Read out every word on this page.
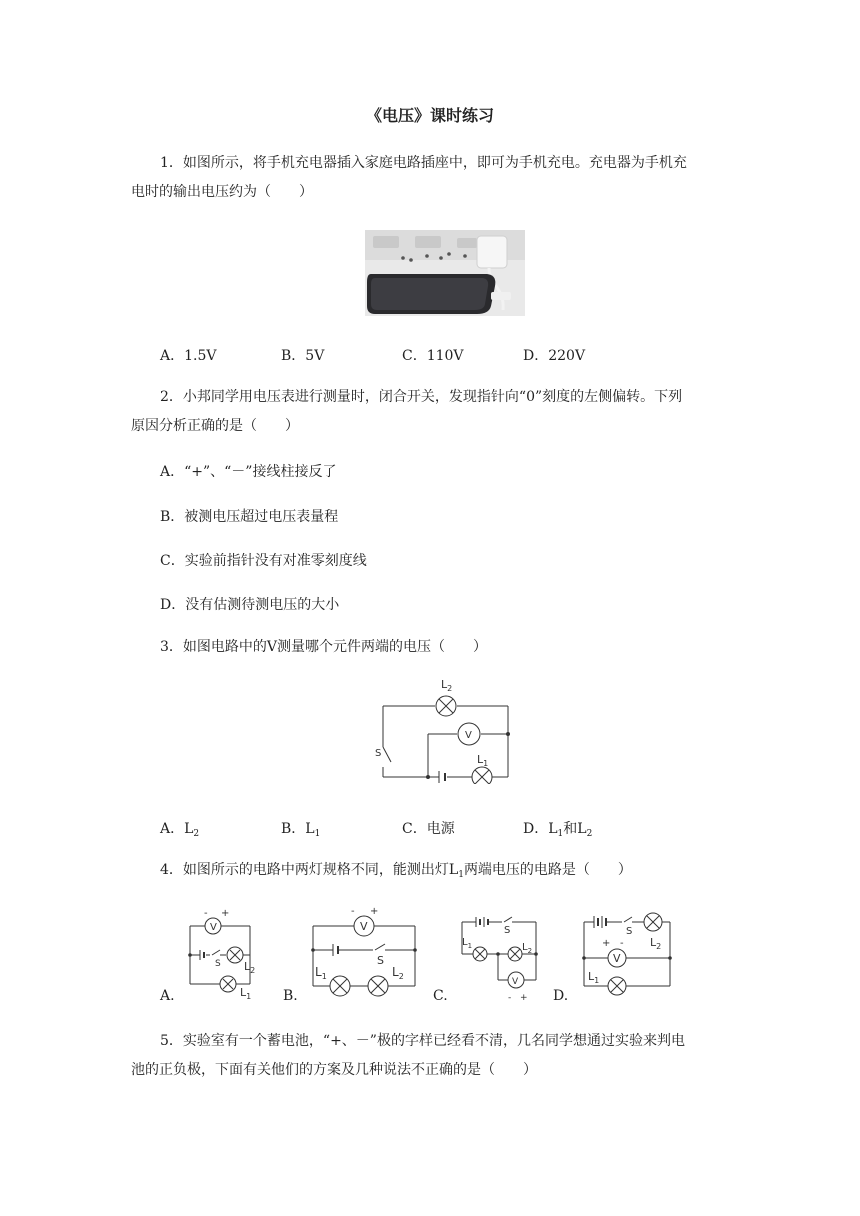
《电压》课时练习
1．如图所示，将手机充电器插入家庭电路插座中，即可为手机充电。充电器为手机充
电时的输出电压约为（　　）
A．1.5V	B．5V	C．110V	D．220V
2．小邦同学用电压表进行测量时，闭合开关，发现指针向“0”刻度的左侧偏转。下列
原因分析正确的是（　　）
A．“+”、“－”接线柱接反了
B．被测电压超过电压表量程
C．实验前指针没有对准零刻度线
D．没有估测待测电压的大小
3．如图电路中的V测量哪个元件两端的电压（　　）
$L_2$
V
$L_1$
S
A．$L_2$	B．$L_1$	C．电源	D．$L_1$和$L_2$
4．如图所示的电路中两灯规格不同，能测出灯$L_1$两端电压的电路是（　　）
V
- +
S $L_2$
$L_1$
V
- +
S
$L_1$	$L_2$
V
- +
S
$L_1$	$L_2$
V
+ -
S
$L_2$
$L_1$
A.	B.	C.	D.
5．实验室有一个蓄电池，“+、－”极的字样已经看不清，几名同学想通过实验来判电
池的正负极，下面有关他们的方案及几种说法不正确的是（　　）
